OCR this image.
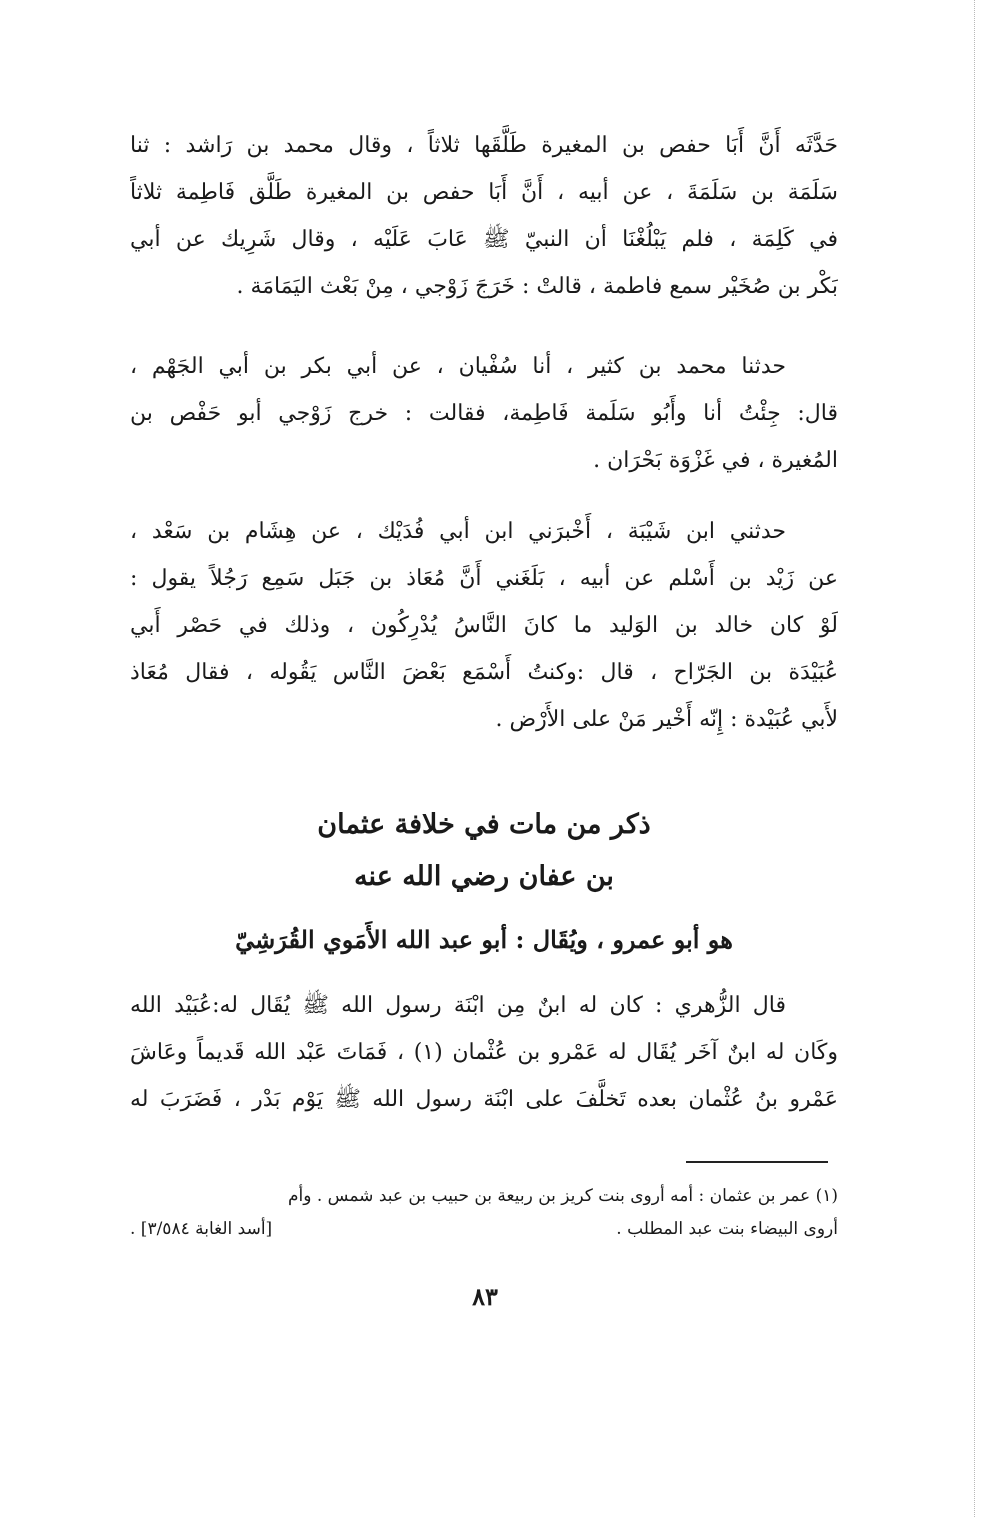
حَدَّثَه أَنَّ أَبَا حفص بن المغيرة طَلَّقَها ثلاثاً ، وقال محمد بن رَاشد : ثنا
سَلَمَة بن سَلَمَةَ ، عن أبيه ، أَنَّ أَبَا حفص بن المغيرة طَلَّق فَاطِمة ثلاثاً
في كَلِمَة ، فلم يَبْلُغْنَا أن النبيّ ﷺ عَابَ عَلَيْه ، وقال شَرِيك عن أبي
بَكْر بن صُخَيْر سمع فاطمة ، قالتْ : خَرَجَ زَوْجي ، مِنْ بَعْث اليَمَامَة .
حدثنا محمد بن كثير ، أنا سُفْيان ، عن أبي بكر بن أبي الجَهْم ،
قال: جِئْتُ أنا وأَبُو سَلَمة فَاطِمة، فقالت : خرج زَوْجي أبو حَفْص بن
المُغيرة ، في غَزْوَة بَحْرَان .
حدثني ابن شَيْبَة ، أَخْبرَني ابن أبي فُدَيْك ، عن هِشَام بن سَعْد ،
عن زَيْد بن أَسْلم عن أبيه ، بَلَغَني أَنَّ مُعَاذ بن جَبَل سَمِع رَجُلاً يقول :
لَوْ كان خالد بن الوَليد ما كانَ النَّاسُ يُدْرِكُون ، وذلك في حَصْر أَبي
عُبَيْدَة بن الجَرّاح ، قال :وكنتُ أَسْمَع بَعْضَ النَّاس يَقُوله ، فقال مُعَاذ
لأَبي عُبَيْدة : إِنّه أَخْير مَنْ على الأَرْض .
ذكر من مات في خلافة عثمان
بن عفان رضي الله عنه
هو أبو عمرو ، ويُقَال : أبو عبد الله الأَمَوي القُرَشِيّ
قال الزُّهري : كان له ابنٌ مِن ابْنَة رسول الله ﷺ يُقَال له:عُبَيْد الله
وكَان له ابنٌ آخَر يُقَال له عَمْرو بن عُثْمان (١) ، فَمَاتَ عَبْد الله قَديماً وعَاشَ
عَمْرو بنُ عُثْمان بعده تَخلَّفَ على ابْنَة رسول الله ﷺ يَوْم بَدْر ، فَضَرَبَ له

(١) عمر بن عثمان : أمه أروى بنت كريز بن ربيعة بن حبيب بن عبد شمس . وأم

أروى البيضاء بنت عبد المطلب .
[أسد الغابة ٣/٥٨٤] .

٨٣
